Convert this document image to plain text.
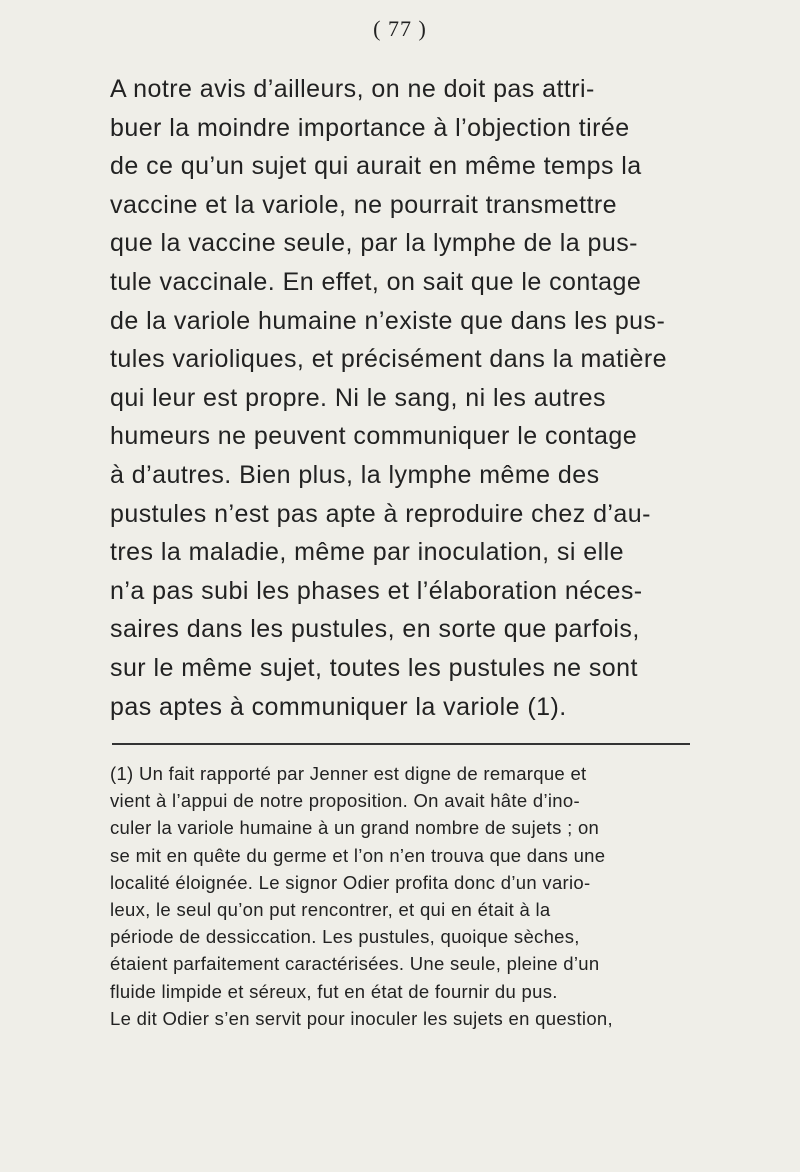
( 77 )
A notre avis d’ailleurs, on ne doit pas attri-
buer la moindre importance à l’objection tirée
de ce qu’un sujet qui aurait en même temps la
vaccine et la variole, ne pourrait transmettre
que la vaccine seule, par la lymphe de la pus-
tule vaccinale. En effet, on sait que le contage
de la variole humaine n’existe que dans les pus-
tules varioliques, et précisément dans la matière
qui leur est propre. Ni le sang, ni les autres
humeurs ne peuvent communiquer le contage
à d’autres. Bien plus, la lymphe même des
pustules n’est pas apte à reproduire chez d’au-
tres la maladie, même par inoculation, si elle
n’a pas subi les phases et l’élaboration néces-
saires dans les pustules, en sorte que parfois,
sur le même sujet, toutes les pustules ne sont
pas aptes à communiquer la variole (1).
(1) Un fait rapporté par Jenner est digne de remarque et
vient à l’appui de notre proposition. On avait hâte d’ino-
culer la variole humaine à un grand nombre de sujets ; on
se mit en quête du germe et l’on n’en trouva que dans une
localité éloignée. Le signor Odier profita donc d’un vario-
leux, le seul qu’on put rencontrer, et qui en était à la
période de dessiccation. Les pustules, quoique sèches,
étaient parfaitement caractérisées. Une seule, pleine d’un
fluide limpide et séreux, fut en état de fournir du pus.
Le dit Odier s’en servit pour inoculer les sujets en question,
